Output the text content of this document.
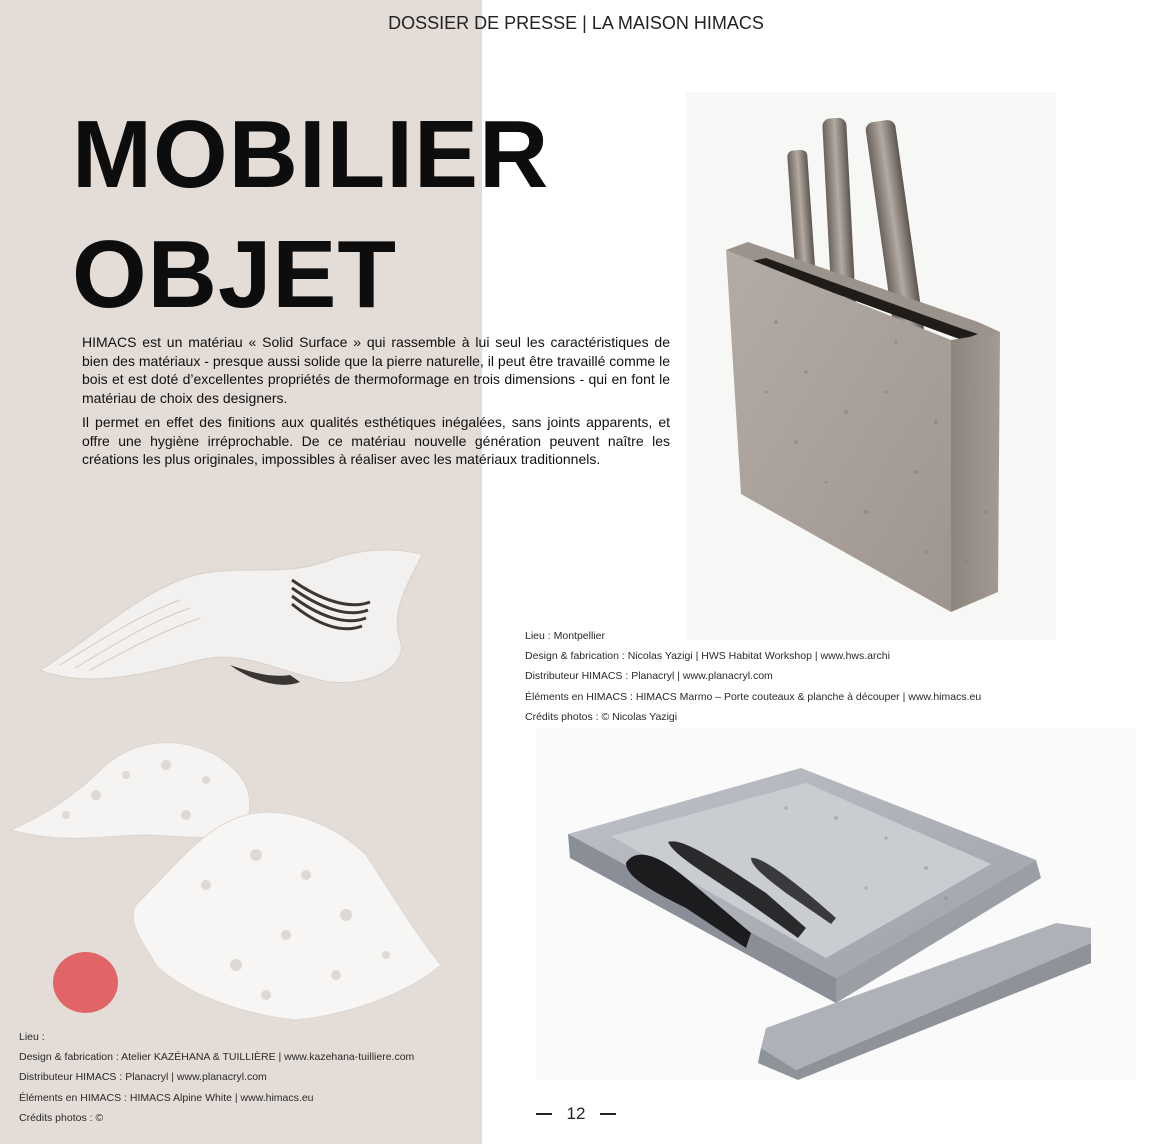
DOSSIER DE PRESSE | LA MAISON HIMACS
MOBILIER
OBJET

HIMACS est un matériau « Solid Surface » qui rassemble à lui seul les caractéristiques de bien des matériaux - presque aussi solide que la pierre naturelle, il peut être travaillé comme le bois et est doté d’excellentes propriétés de thermoformage en trois dimensions - qui en font le matériau de choix des designers.

Il permet en effet des finitions aux qualités esthétiques inégalées, sans joints apparents, et offre une hygiène irréprochable. De ce matériau nouvelle génération peuvent naître les créations les plus originales, impossibles à réaliser avec les matériaux traditionnels.

Lieu : Montpellier
Design & fabrication : Nicolas Yazigi | HWS Habitat Workshop | www.hws.archi
Distributeur HIMACS : Planacryl | www.planacryl.com
Éléments en HIMACS : HIMACS Marmo – Porte couteaux & planche à découper | www.himacs.eu
Crédits photos : © Nicolas Yazigi
Lieu :
Design & fabrication : Atelier KAZÉHANA & TUILLIÈRE | www.kazehana-tuilliere.com
Distributeur HIMACS : Planacryl | www.planacryl.com
Éléments en HIMACS : HIMACS Alpine White | www.himacs.eu
Crédits photos : ©	12
